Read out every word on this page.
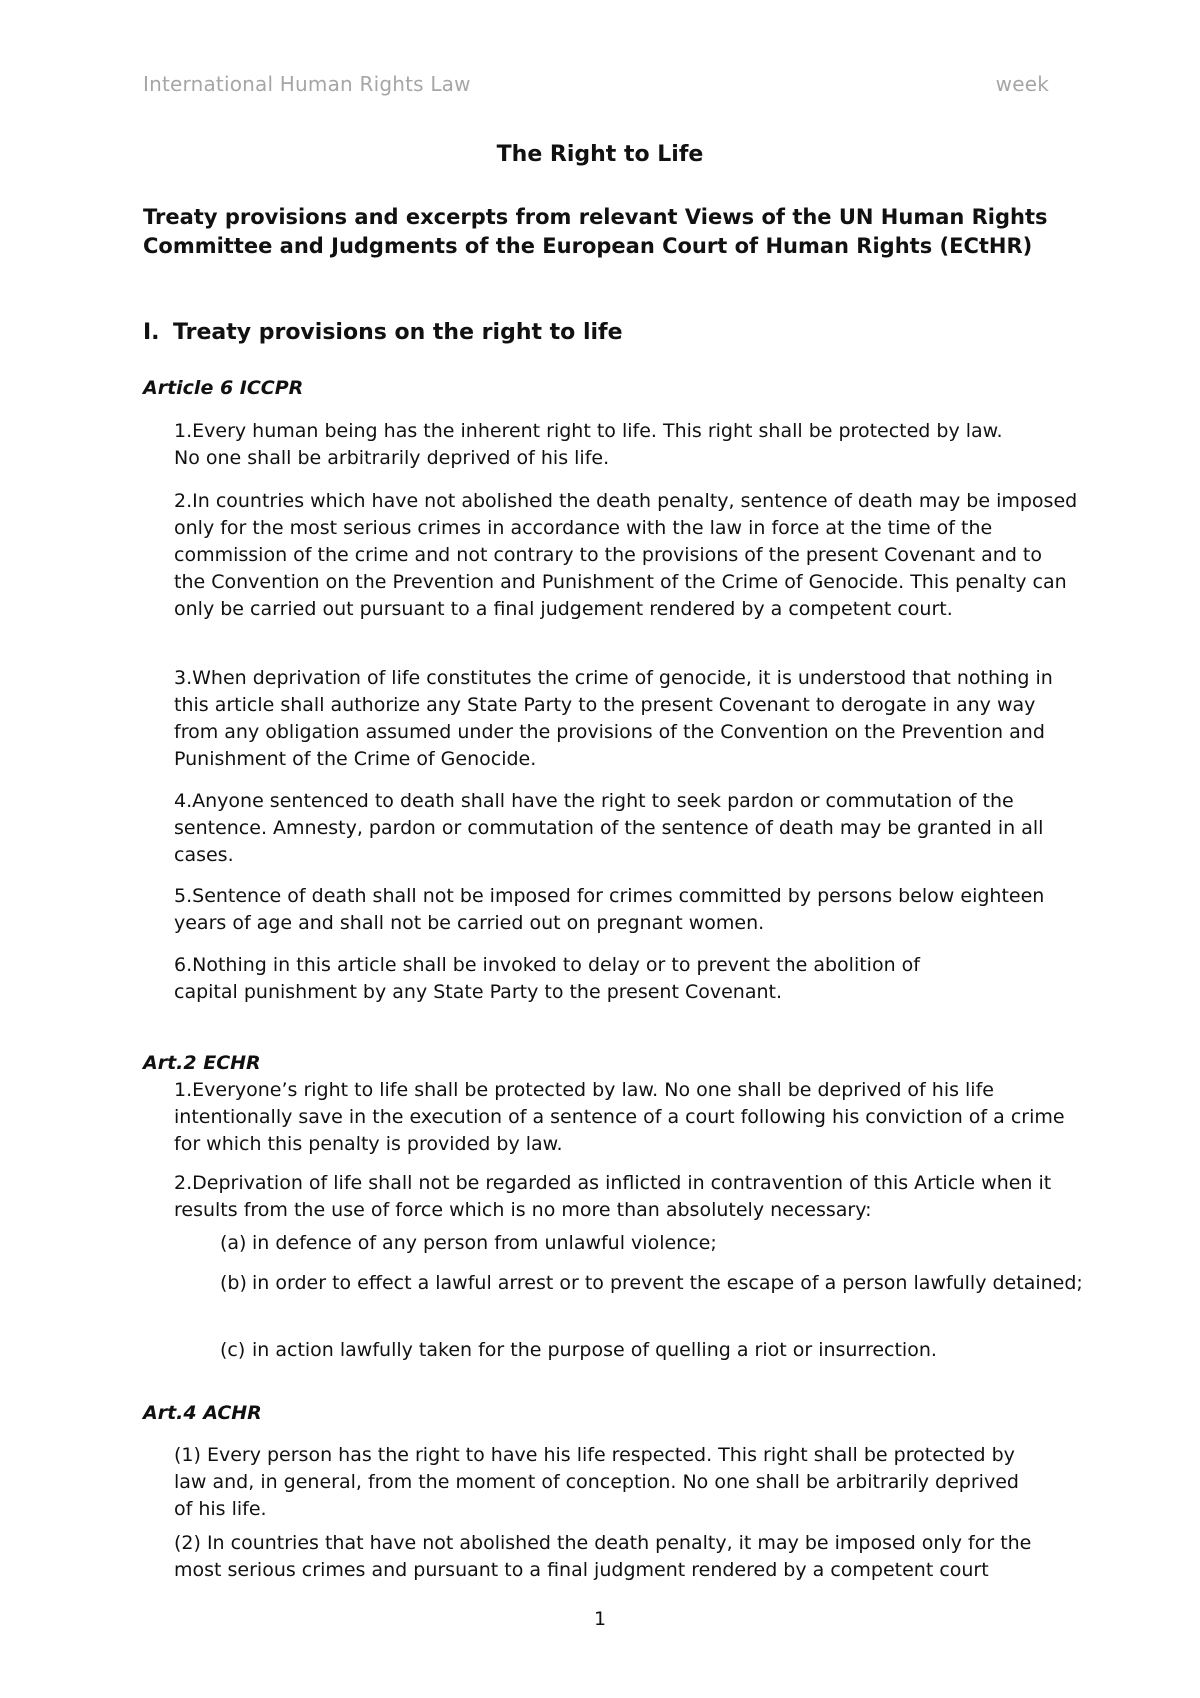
International Human Rights Law	week
The Right to Life
Treaty provisions and excerpts from relevant Views of the UN Human Rights Committee and Judgments of the European Court of Human Rights (ECtHR)
I. Treaty provisions on the right to life
Article 6 ICCPR
1.Every human being has the inherent right to life. This right shall be protected by law. No one shall be arbitrarily deprived of his life.
2.In countries which have not abolished the death penalty, sentence of death may be imposed only for the most serious crimes in accordance with the law in force at the time of the commission of the crime and not contrary to the provisions of the present Covenant and to the Convention on the Prevention and Punishment of the Crime of Genocide. This penalty can only be carried out pursuant to a final judgement rendered by a competent court.
3.When deprivation of life constitutes the crime of genocide, it is understood that nothing in this article shall authorize any State Party to the present Covenant to derogate in any way from any obligation assumed under the provisions of the Convention on the Prevention and Punishment of the Crime of Genocide.
4.Anyone sentenced to death shall have the right to seek pardon or commutation of the sentence. Amnesty, pardon or commutation of the sentence of death may be granted in all cases.
5.Sentence of death shall not be imposed for crimes committed by persons below eighteen years of age and shall not be carried out on pregnant women.
6.Nothing in this article shall be invoked to delay or to prevent the abolition of capital punishment by any State Party to the present Covenant.
Art.2 ECHR
1.Everyone’s right to life shall be protected by law. No one shall be deprived of his life intentionally save in the execution of a sentence of a court following his conviction of a crime for which this penalty is provided by law.
2.Deprivation of life shall not be regarded as inflicted in contravention of this Article when it results from the use of force which is no more than absolutely necessary:
(a) in defence of any person from unlawful violence;
(b) in order to effect a lawful arrest or to prevent the escape of a person lawfully detained;
(c) in action lawfully taken for the purpose of quelling a riot or insurrection.
Art.4 ACHR
(1) Every person has the right to have his life respected. This right shall be protected by law and, in general, from the moment of conception. No one shall be arbitrarily deprived of his life.
(2) In countries that have not abolished the death penalty, it may be imposed only for the most serious crimes and pursuant to a final judgment rendered by a competent court
1
